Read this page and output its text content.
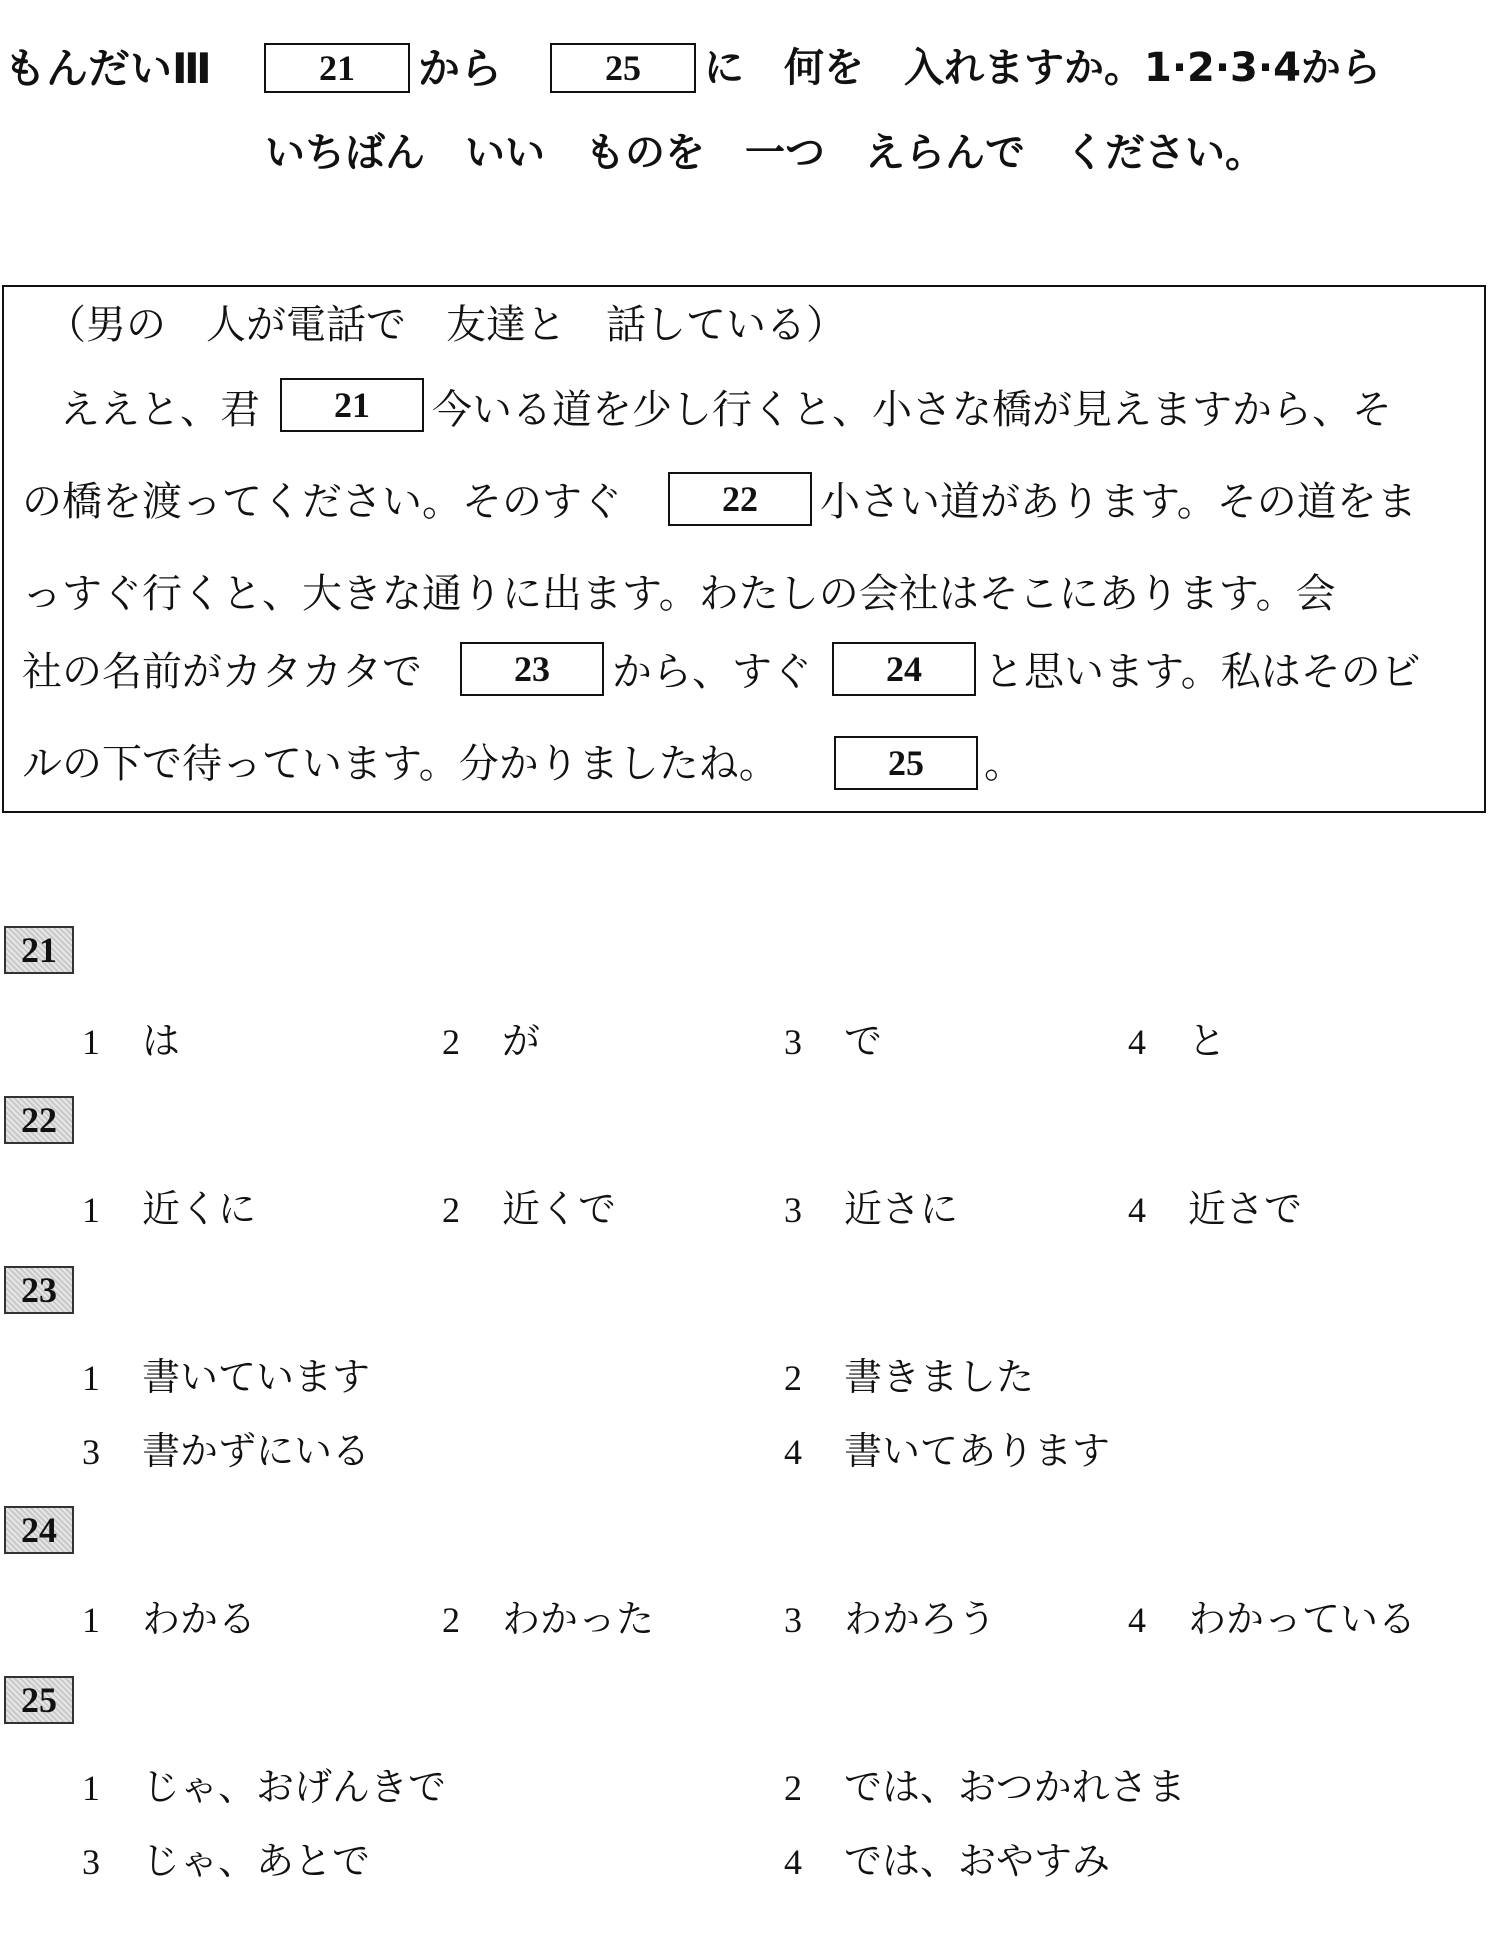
もんだいⅢ	21	から	25	に　何を　入れますか。1·2·3·4から
いちばん　いい　ものを　一つ　えらんで　ください。
（男の　人が電話で　友達と　話している）
ええと、君	21	今いる道を少し行くと、小さな橋が見えますから、そ
の橋を渡ってください。そのすぐ	22	小さい道があります。その道をま
っすぐ行くと、大きな通りに出ます。わたしの会社はそこにあります。会
社の名前がカタカタで	23	から、すぐ	24	と思います。私はそのビ
ルの下で待っています。分かりましたね。	25	。
21
1 は	2 が	3 で	4 と
22
1 近くに	2 近くで	3 近さに	4 近さで
23
1 書いています	2 書きました
3 書かずにいる	4 書いてあります
24
1 わかる	2 わかった	3 わかろう	4 わかっている
25
1 じゃ、おげんきで	2 では、おつかれさま
3 じゃ、あとで	4 では、おやすみ
